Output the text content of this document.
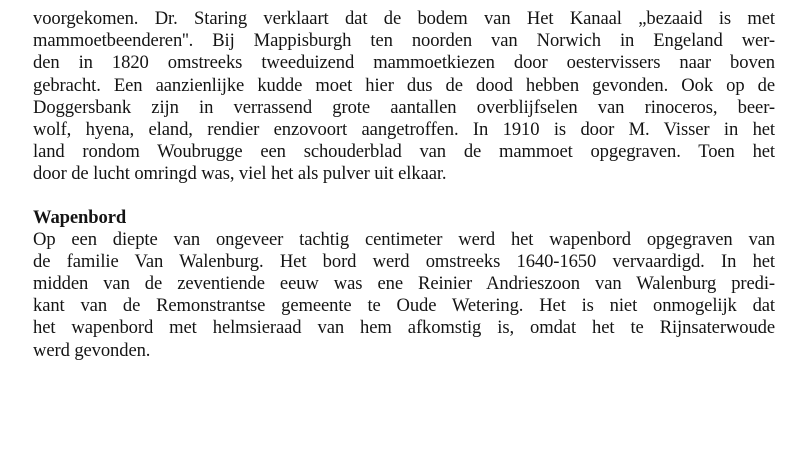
voorgekomen. Dr. Staring verklaart dat de bodem van Het Kanaal „bezaaid is met
mammoetbeenderen''. Bij Mappisburgh ten noorden van Norwich in Engeland wer-
den in 1820 omstreeks tweeduizend mammoetkiezen door oestervissers naar boven
gebracht. Een aanzienlijke kudde moet hier dus de dood hebben gevonden. Ook op de
Doggersbank zijn in verrassend grote aantallen overblijfselen van rinoceros, beer-
wolf, hyena, eland, rendier enzovoort aangetroffen. In 1910 is door M. Visser in het
land rondom Woubrugge een schouderblad van de mammoet opgegraven. Toen het
door de lucht omringd was, viel het als pulver uit elkaar.
Wapenbord
Op een diepte van ongeveer tachtig centimeter werd het wapenbord opgegraven van
de familie Van Walenburg. Het bord werd omstreeks 1640-1650 vervaardigd. In het
midden van de zeventiende eeuw was ene Reinier Andrieszoon van Walenburg predi-
kant van de Remonstrantse gemeente te Oude Wetering. Het is niet onmogelijk dat
het wapenbord met helmsieraad van hem afkomstig is, omdat het te Rijnsaterwoude
werd gevonden.
